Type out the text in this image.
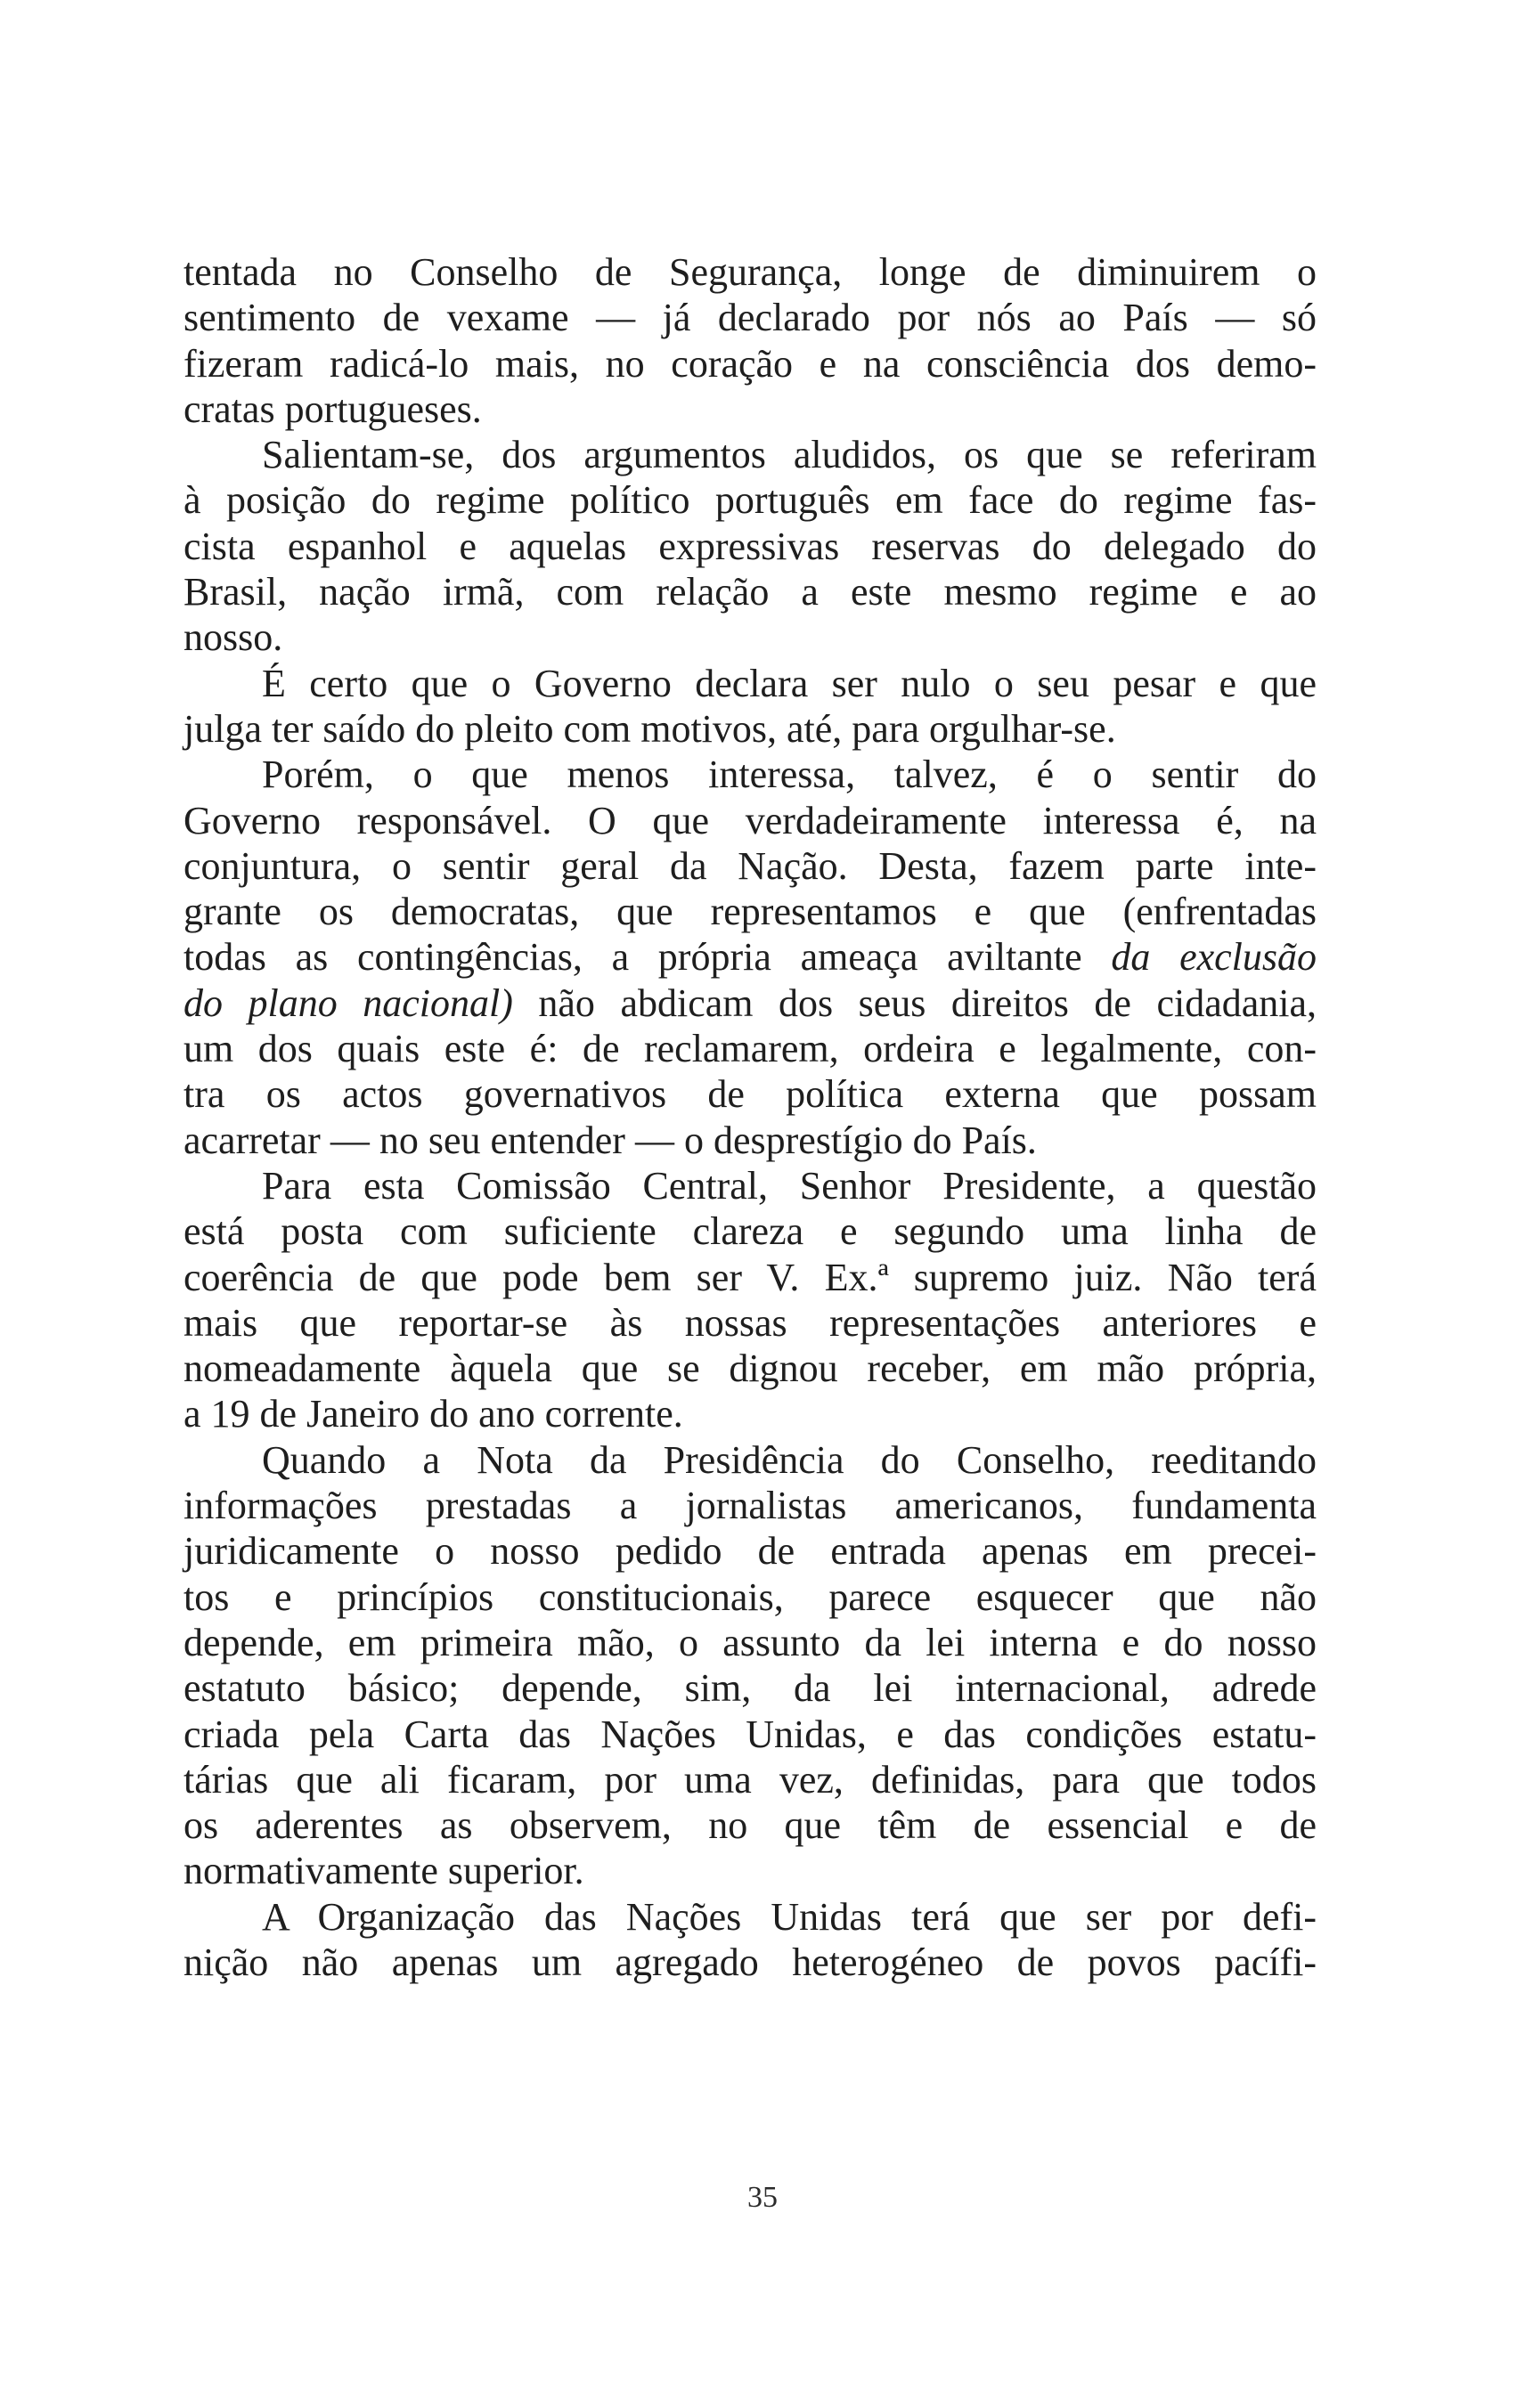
tentada no Conselho de Segurança, longe de diminuirem o
sentimento de vexame — já declarado por nós ao País — só
fizeram radicá-lo mais, no coração e na consciência dos demo-
cratas portugueses.
Salientam-se, dos argumentos aludidos, os que se referiram
à posição do regime político português em face do regime fas-
cista espanhol e aquelas expressivas reservas do delegado do
Brasil, nação irmã, com relação a este mesmo regime e ao
nosso.
É certo que o Governo declara ser nulo o seu pesar e que
julga ter saído do pleito com motivos, até, para orgulhar-se.
Porém, o que menos interessa, talvez, é o sentir do
Governo responsável. O que verdadeiramente interessa é, na
conjuntura, o sentir geral da Nação. Desta, fazem parte inte-
grante os democratas, que representamos e que (enfrentadas
todas as contingências, a própria ameaça aviltante da exclusão
do plano nacional) não abdicam dos seus direitos de cidadania,
um dos quais este é: de reclamarem, ordeira e legalmente, con-
tra os actos governativos de política externa que possam
acarretar — no seu entender — o desprestígio do País.
Para esta Comissão Central, Senhor Presidente, a questão
está posta com suficiente clareza e segundo uma linha de
coerência de que pode bem ser V. Ex.ª supremo juiz. Não terá
mais que reportar-se às nossas representações anteriores e
nomeadamente àquela que se dignou receber, em mão própria,
a 19 de Janeiro do ano corrente.
Quando a Nota da Presidência do Conselho, reeditando
informações prestadas a jornalistas americanos, fundamenta
juridicamente o nosso pedido de entrada apenas em precei-
tos e princípios constitucionais, parece esquecer que não
depende, em primeira mão, o assunto da lei interna e do nosso
estatuto básico; depende, sim, da lei internacional, adrede
criada pela Carta das Nações Unidas, e das condições estatu-
tárias que ali ficaram, por uma vez, definidas, para que todos
os aderentes as observem, no que têm de essencial e de
normativamente superior.
A Organização das Nações Unidas terá que ser por defi-
nição não apenas um agregado heterogéneo de povos pacífi-
35
